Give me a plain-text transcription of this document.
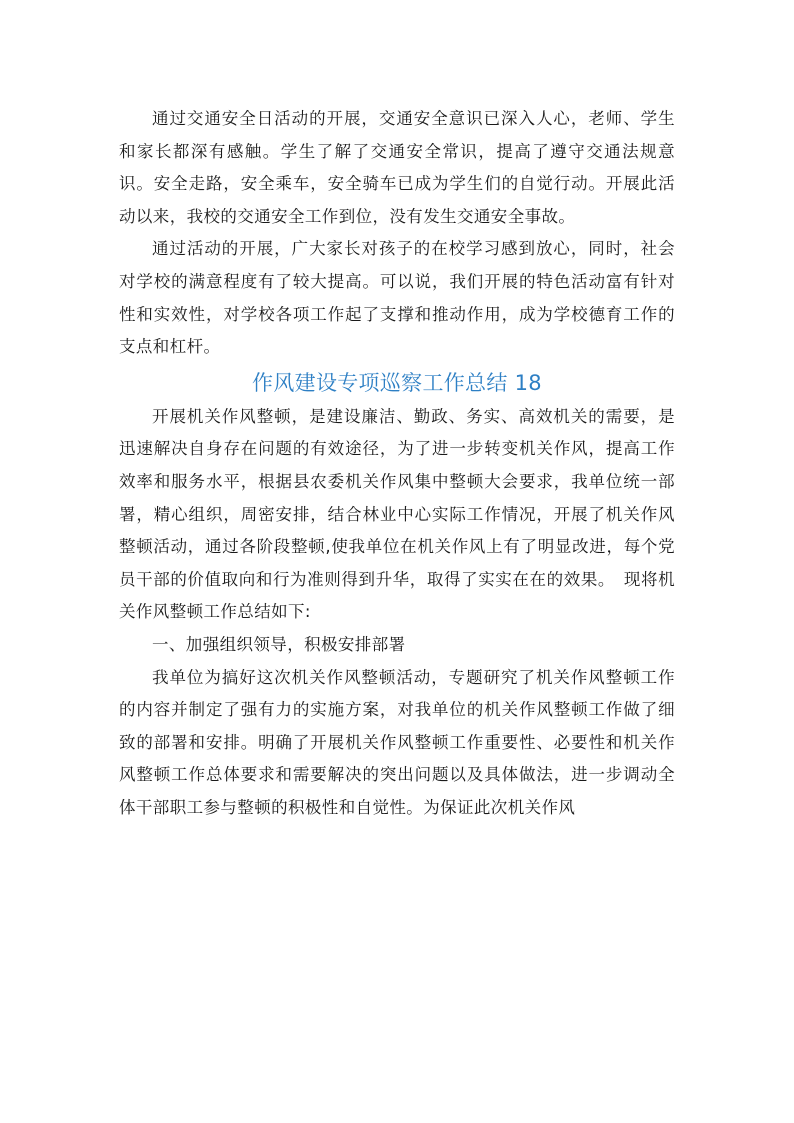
通过交通安全日活动的开展，交通安全意识已深入人心，老师、学生和家长都深有感触。学生了解了交通安全常识，提高了遵守交通法规意识。安全走路，安全乘车，安全骑车已成为学生们的自觉行动。开展此活动以来，我校的交通安全工作到位，没有发生交通安全事故。

通过活动的开展，广大家长对孩子的在校学习感到放心，同时，社会对学校的满意程度有了较大提高。可以说，我们开展的特色活动富有针对性和实效性，对学校各项工作起了支撑和推动作用，成为学校德育工作的支点和杠杆。

作风建设专项巡察工作总结 18

开展机关作风整顿，是建设廉洁、勤政、务实、高效机关的需要，是迅速解决自身存在问题的有效途径，为了进一步转变机关作风，提高工作效率和服务水平，根据县农委机关作风集中整顿大会要求，我单位统一部署，精心组织，周密安排，结合林业中心实际工作情况，开展了机关作风整顿活动，通过各阶段整顿,使我单位在机关作风上有了明显改进，每个党员干部的价值取向和行为准则得到升华，取得了实实在在的效果。　现将机关作风整顿工作总结如下:

一、加强组织领导，积极安排部署

我单位为搞好这次机关作风整顿活动，专题研究了机关作风整顿工作的内容并制定了强有力的实施方案，对我单位的机关作风整顿工作做了细致的部署和安排。明确了开展机关作风整顿工作重要性、必要性和机关作风整顿工作总体要求和需要解决的突出问题以及具体做法，进一步调动全体干部职工参与整顿的积极性和自觉性。为保证此次机关作风
